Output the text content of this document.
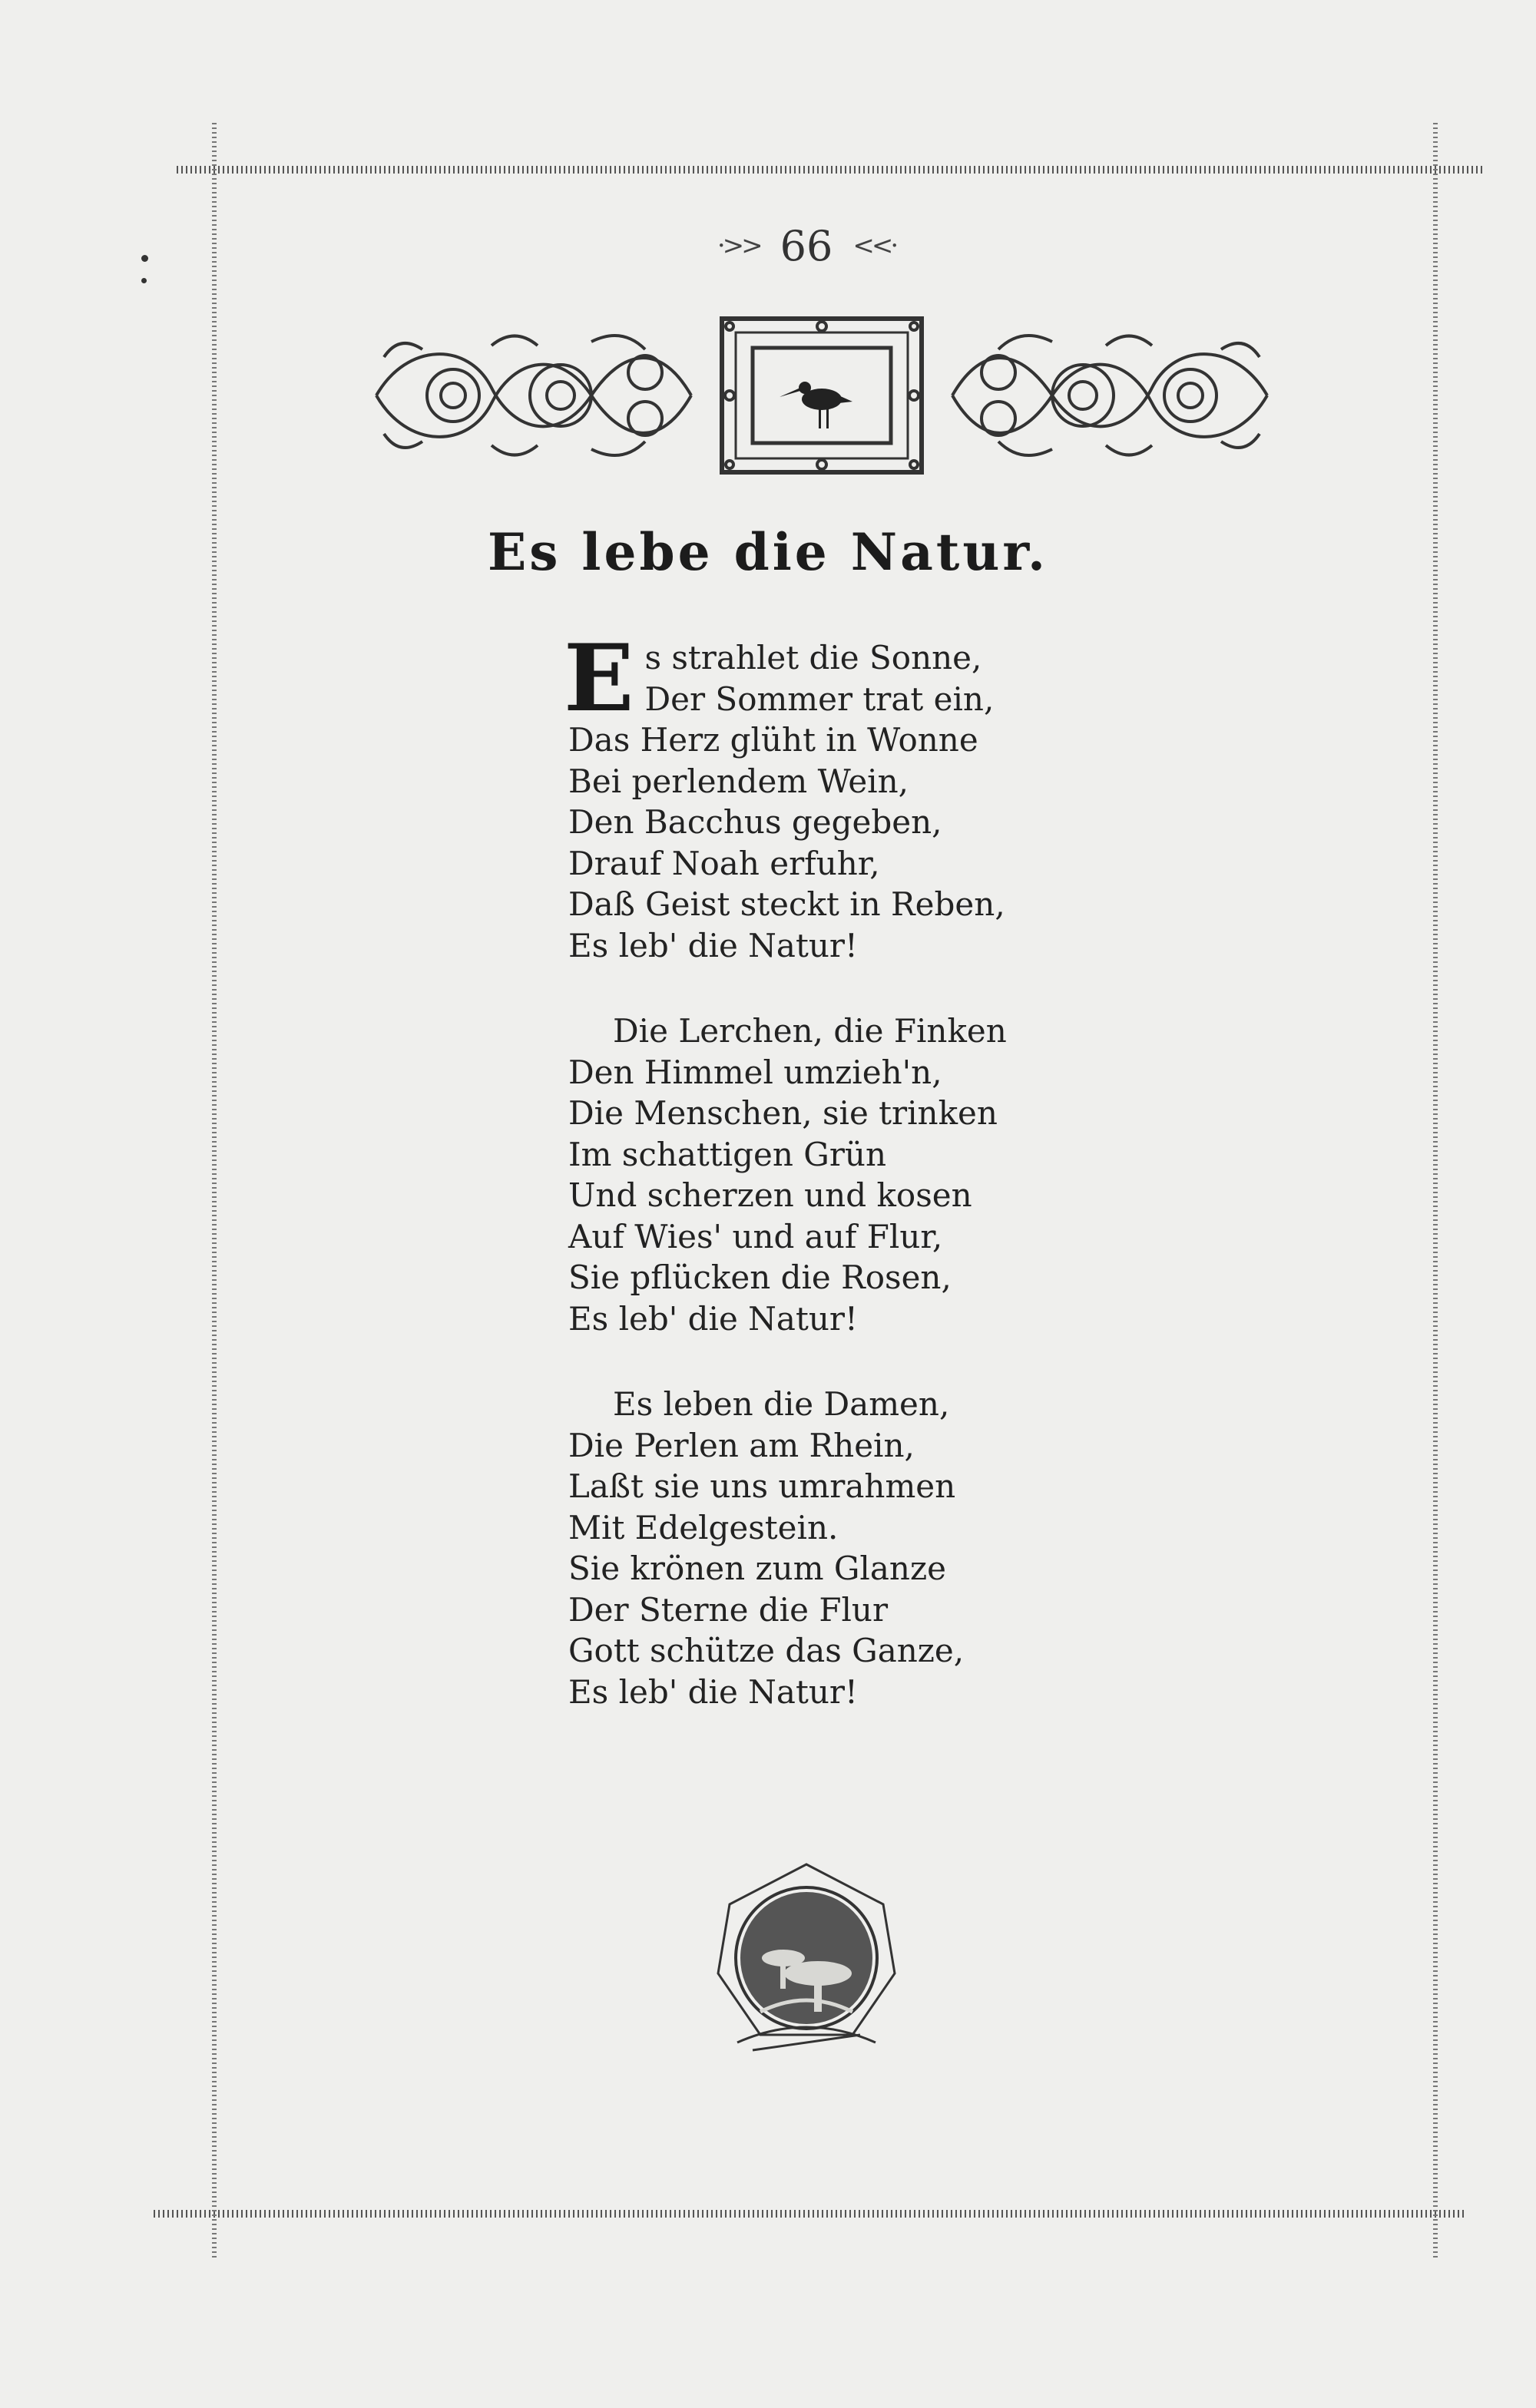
·>> 66 <<·
Es lebe die Natur.
E s strahlet die Sonne,
Der Sommer trat ein,
Das Herz glüht in Wonne
Bei perlendem Wein,
Den Bacchus gegeben,
Drauf Noah erfuhr,
Daß Geist steckt in Reben,
Es leb' die Natur!
Die Lerchen, die Finken
Den Himmel umzieh'n,
Die Menschen, sie trinken
Im schattigen Grün
Und scherzen und kosen
Auf Wies' und auf Flur,
Sie pflücken die Rosen,
Es leb' die Natur!
Es leben die Damen,
Die Perlen am Rhein,
Laßt sie uns umrahmen
Mit Edelgestein.
Sie krönen zum Glanze
Der Sterne die Flur
Gott schütze das Ganze,
Es leb' die Natur!
